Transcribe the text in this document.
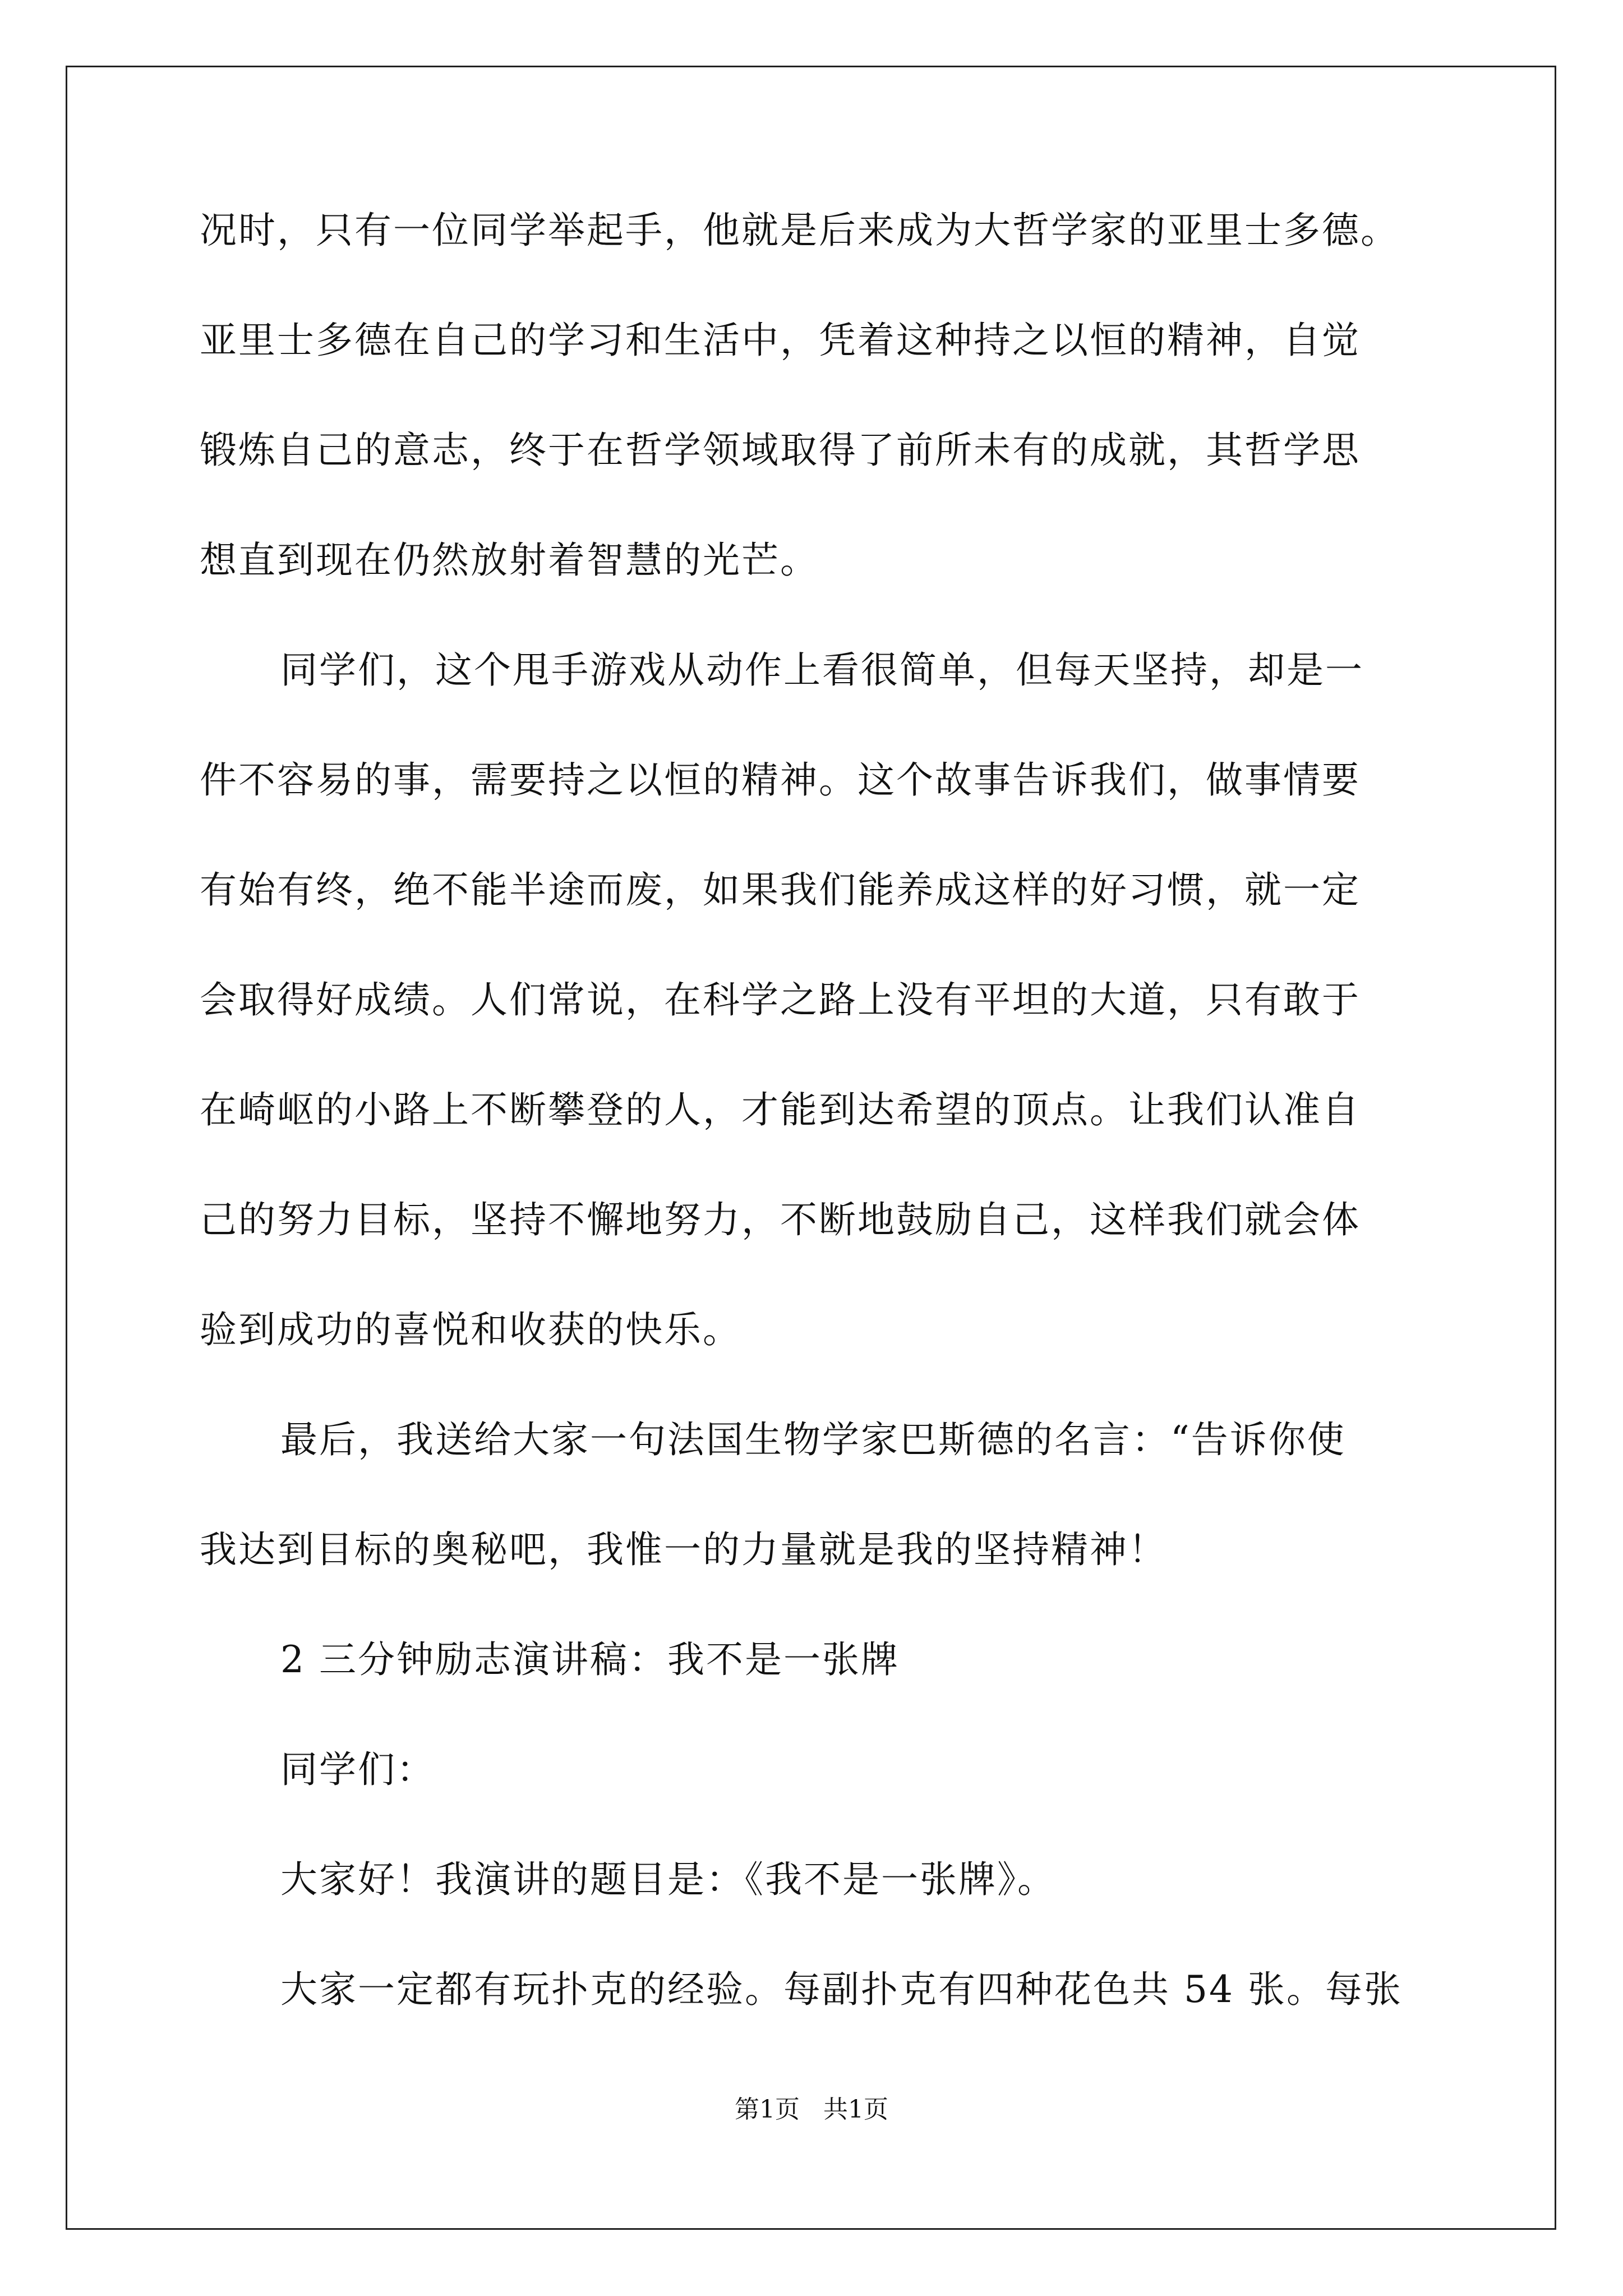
况时，只有一位同学举起手，他就是后来成为大哲学家的亚里士多德。
亚里士多德在自己的学习和生活中，凭着这种持之以恒的精神，自觉
锻炼自己的意志，终于在哲学领域取得了前所未有的成就，其哲学思
想直到现在仍然放射着智慧的光芒。
同学们，这个甩手游戏从动作上看很简单，但每天坚持，却是一
件不容易的事，需要持之以恒的精神。这个故事告诉我们，做事情要
有始有终，绝不能半途而废，如果我们能养成这样的好习惯，就一定
会取得好成绩。人们常说，在科学之路上没有平坦的大道，只有敢于
在崎岖的小路上不断攀登的人，才能到达希望的顶点。让我们认准自
己的努力目标，坚持不懈地努力，不断地鼓励自己，这样我们就会体
验到成功的喜悦和收获的快乐。
最后，我送给大家一句法国生物学家巴斯德的名言：“告诉你使
我达到目标的奥秘吧，我惟一的力量就是我的坚持精神！
2 三分钟励志演讲稿：我不是一张牌
同学们：
大家好！我演讲的题目是：《我不是一张牌》。
大家一定都有玩扑克的经验。每副扑克有四种花色共 54 张。每张
第1页   共1页
